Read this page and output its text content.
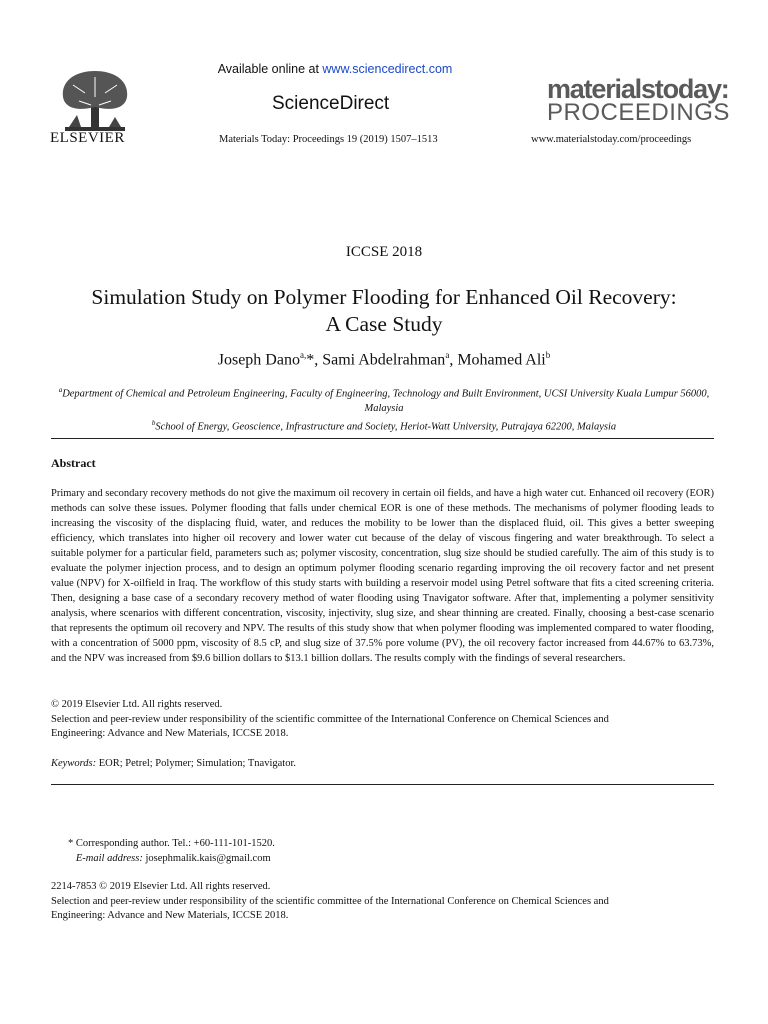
Available online at www.sciencedirect.com
ScienceDirect
Materials Today: Proceedings 19 (2019) 1507–1513
ELSEVIER
materialstoday:
PROCEEDINGS
www.materialstoday.com/proceedings
ICCSE 2018
Simulation Study on Polymer Flooding for Enhanced Oil Recovery:
A Case Study
Joseph Dano$^{a,}$*, Sami Abdelrahman$^a$, Mohamed Ali$^b$
$^a$Department of Chemical and Petroleum Engineering, Faculty of Engineering, Technology and Built Environment, UCSI University Kuala Lumpur 56000, Malaysia
$^b$School of Energy, Geoscience, Infrastructure and Society, Heriot-Watt University, Putrajaya 62200, Malaysia
Abstract
Primary and secondary recovery methods do not give the maximum oil recovery in certain oil fields, and have a high water cut. Enhanced oil recovery (EOR) methods can solve these issues. Polymer flooding that falls under chemical EOR is one of these methods. The mechanisms of polymer flooding leads to increasing the viscosity of the displacing fluid, water, and reduces the mobility to be lower than the displaced fluid, oil. This gives a better sweeping efficiency, which translates into higher oil recovery and lower water cut because of the delay of viscous fingering and water breakthrough. To select a suitable polymer for a particular field, parameters such as; polymer viscosity, concentration, slug size should be studied carefully. The aim of this study is to evaluate the polymer injection process, and to design an optimum polymer flooding scenario regarding improving the oil recovery factor and net present value (NPV) for X-oilfield in Iraq. The workflow of this study starts with building a reservoir model using Petrel software that fits a cited screening criteria. Then, designing a base case of a secondary recovery method of water flooding using Tnavigator software. After that, implementing a polymer sensitivity analysis, where scenarios with different concentration, viscosity, injectivity, slug size, and shear thinning are created. Finally, choosing a best-case scenario that represents the optimum oil recovery and NPV. The results of this study show that when polymer flooding was implemented compared to water flooding, with a concentration of 5000 ppm, viscosity of 8.5 cP, and slug size of 37.5% pore volume (PV), the oil recovery factor increased from 44.67% to 63.73%, and the NPV was increased from $9.6 billion dollars to $13.1 billion dollars. The results comply with the findings of several researchers.
© 2019 Elsevier Ltd. All rights reserved.
Selection and peer-review under responsibility of the scientific committee of the International Conference on Chemical Sciences and
Engineering: Advance and New Materials, ICCSE 2018.
Keywords: EOR; Petrel; Polymer; Simulation; Tnavigator.
* Corresponding author. Tel.: +60-111-101-1520.
E-mail address: josephmalik.kais@gmail.com
2214-7853 © 2019 Elsevier Ltd. All rights reserved.
Selection and peer-review under responsibility of the scientific committee of the International Conference on Chemical Sciences and
Engineering: Advance and New Materials, ICCSE 2018.
